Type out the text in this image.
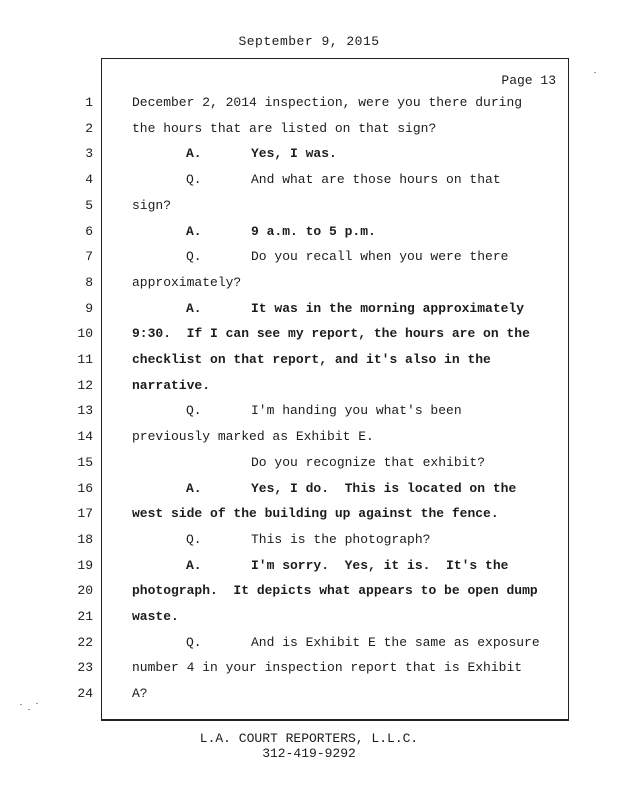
September 9, 2015
Page 13
1	December 2, 2014 inspection, were you there during
2	the hours that are listed on that sign?
3	A.	Yes, I was.
4	Q.	And what are those hours on that
5	sign?
6	A.	9 a.m. to 5 p.m.
7	Q.	Do you recall when you were there
8	approximately?
9	A.	It was in the morning approximately
10	9:30.  If I can see my report, the hours are on the
11	checklist on that report, and it's also in the
12	narrative.
13	Q.	I'm handing you what's been
14	previously marked as Exhibit E.
15	Do you recognize that exhibit?
16	A.	Yes, I do.  This is located on the
17	west side of the building up against the fence.
18	Q.	This is the photograph?
19	A.	I'm sorry.  Yes, it is.  It's the
20	photograph.  It depicts what appears to be open dump
21	waste.
22	Q.	And is Exhibit E the same as exposure
23	number 4 in your inspection report that is Exhibit
24	A?
L.A. COURT REPORTERS, L.L.C.
312-419-9292
